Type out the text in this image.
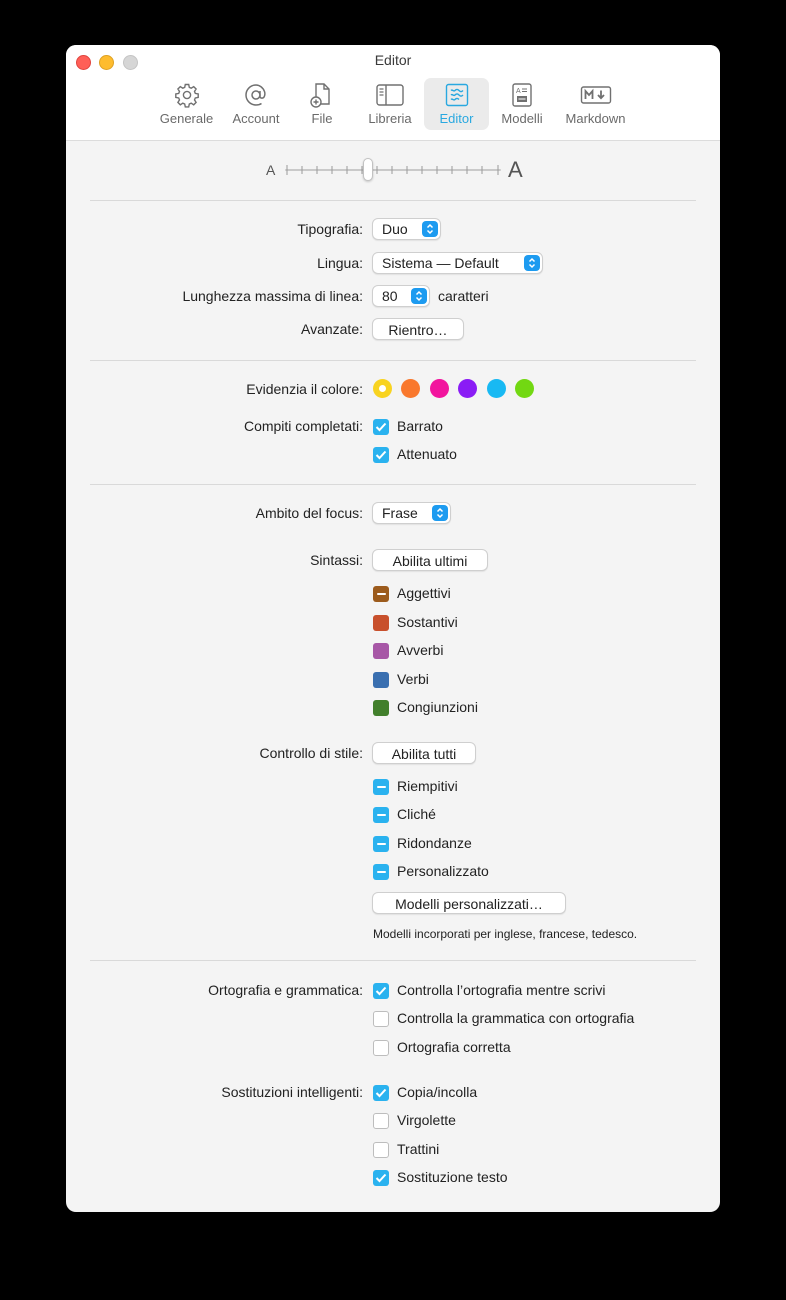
Editor
Generale	Account	File	Libreria	Editor
A
Modelli	Markdown
A	A
Tipografia:	Duo
Lingua:	Sistema — Default
Lunghezza massima di linea:	80	caratteri
Avanzate:	Rientro…
Evidenzia il colore:
Compiti completati: Barrato
Attenuato
Ambito del focus:	Frase
Sintassi:	Abilita ultimi
Aggettivi
Sostantivi
Avverbi
Verbi
Congiunzioni
Controllo di stile:	Abilita tutti
Riempitivi
Cliché
Ridondanze
Personalizzato
Modelli personalizzati…
Modelli incorporati per inglese, francese, tedesco.
Ortografia e grammatica: Controlla l’ortografia mentre scrivi
Controlla la grammatica con ortografia
Ortografia corretta
Sostituzioni intelligenti: Copia/incolla
Virgolette
Trattini
Sostituzione testo
